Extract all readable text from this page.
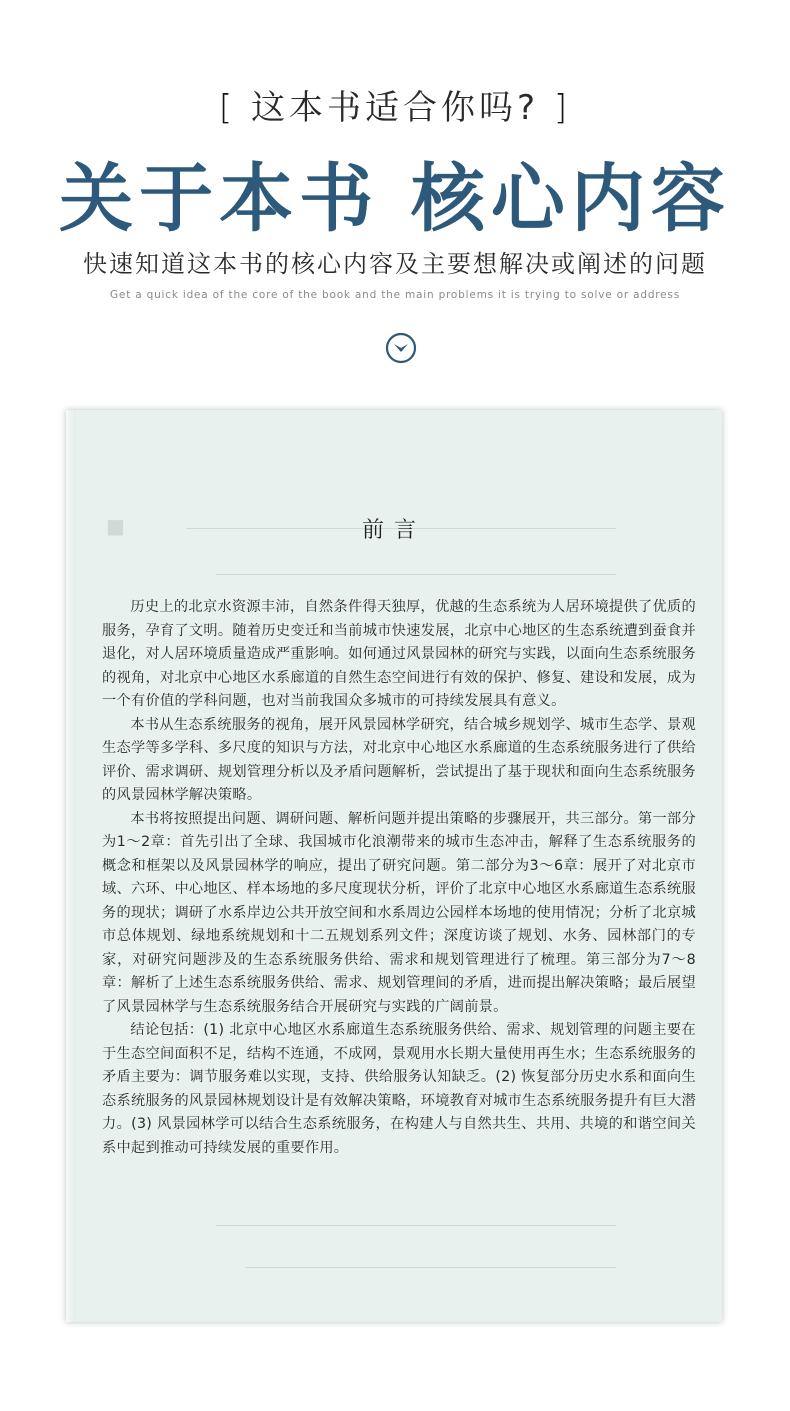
[ 这本书适合你吗? ]
关于本书 核心内容
快速知道这本书的核心内容及主要想解决或阐述的问题
Get a quick idea of the core of the book and the main problems it is trying to solve or address
■	前言

历史上的北京水资源丰沛，自然条件得天独厚，优越的生态系统为人居环境提供了优质的服务，孕育了文明。随着历史变迁和当前城市快速发展，北京中心地区的生态系统遭到蚕食并退化，对人居环境质量造成严重影响。如何通过风景园林的研究与实践，以面向生态系统服务的视角，对北京中心地区水系廊道的自然生态空间进行有效的保护、修复、建设和发展，成为一个有价值的学科问题，也对当前我国众多城市的可持续发展具有意义。

本书从生态系统服务的视角，展开风景园林学研究，结合城乡规划学、城市生态学、景观生态学等多学科、多尺度的知识与方法，对北京中心地区水系廊道的生态系统服务进行了供给评价、需求调研、规划管理分析以及矛盾问题解析，尝试提出了基于现状和面向生态系统服务的风景园林学解决策略。

本书将按照提出问题、调研问题、解析问题并提出策略的步骤展开，共三部分。第一部分为1～2章：首先引出了全球、我国城市化浪潮带来的城市生态冲击，解释了生态系统服务的概念和框架以及风景园林学的响应，提出了研究问题。第二部分为3～6章：展开了对北京市域、六环、中心地区、样本场地的多尺度现状分析，评价了北京中心地区水系廊道生态系统服务的现状；调研了水系岸边公共开放空间和水系周边公园样本场地的使用情况；分析了北京城市总体规划、绿地系统规划和十二五规划系列文件；深度访谈了规划、水务、园林部门的专家，对研究问题涉及的生态系统服务供给、需求和规划管理进行了梳理。第三部分为7～8章：解析了上述生态系统服务供给、需求、规划管理间的矛盾，进而提出解决策略；最后展望了风景园林学与生态系统服务结合开展研究与实践的广阔前景。

结论包括：(1) 北京中心地区水系廊道生态系统服务供给、需求、规划管理的问题主要在于生态空间面积不足，结构不连通，不成网，景观用水长期大量使用再生水；生态系统服务的矛盾主要为：调节服务难以实现，支持、供给服务认知缺乏。(2) 恢复部分历史水系和面向生态系统服务的风景园林规划设计是有效解决策略，环境教育对城市生态系统服务提升有巨大潜力。(3) 风景园林学可以结合生态系统服务，在构建人与自然共生、共用、共境的和谐空间关系中起到推动可持续发展的重要作用。
